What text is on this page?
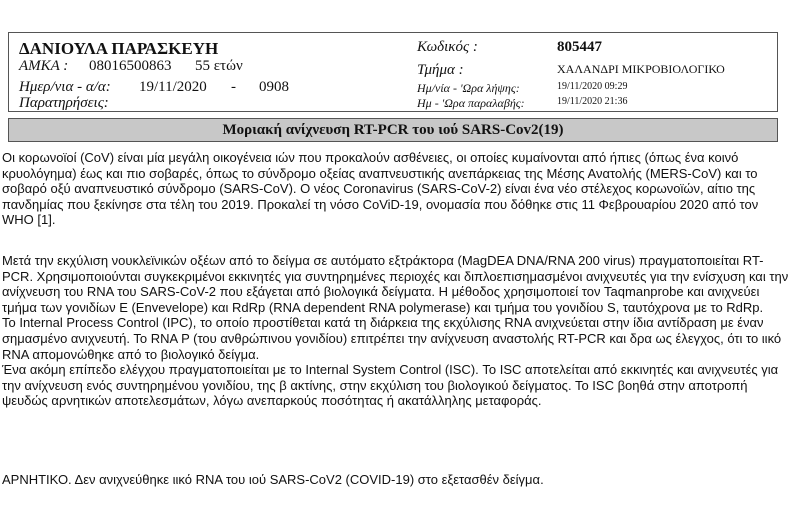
ΔΑΝΙΟΥΛΑ ΠΑΡΑΣΚΕΥΗ
ΑΜΚΑ : 08016500863 55 ετών
Ημερ/νια - α/α: 19/11/2020 - 0908
Παρατηρήσεις:
Κωδικός :	805447
Τμήμα :	ΧΑΛΑΝΔΡΙ ΜΙΚΡΟΒΙΟΛΟΓΙΚΟ
Ημ/νία - 'Ωρα λήψης:	19/11/2020 09:29
Ημ - 'Ωρα παραλαβής:	19/11/2020 21:36
Μοριακή ανίχνευση RT-PCR του ιού SARS-Cov2(19)
Οι κορωνοϊοί (CoV) είναι μία μεγάλη οικογένεια ιών που προκαλούν ασθένειες, οι οποίες κυμαίνονται από ήπιες (όπως ένα κοινό κρυολόγημα) έως και πιο σοβαρές, όπως το σύνδρομο οξείας αναπνευστικής ανεπάρκειας της Μέσης Ανατολής (MERS-CoV) και το σοβαρό οξύ αναπνευστικό σύνδρομο (SARS-CoV). Ο νέος Coronavirus (SARS-CoV-2) είναι ένα νέο στέλεχος κορωνοϊών, αίτιο της πανδημίας που ξεκίνησε στα τέλη του 2019. Προκαλεί τη νόσο CoViD-19, ονομασία που δόθηκε στις 11 Φεβρουαρίου 2020 από τον WHO [1].
Μετά την εκχύλιση νουκλεϊνικών οξέων από το δείγμα σε αυτόματο εξτράκτορα (MagDEA DNA/RNA 200 virus) πραγματοποιείται RT-PCR. Χρησιμοποιούνται συγκεκριμένοι εκκινητές για συντηρημένες περιοχές και διπλοεπισημασμένοι ανιχνευτές για την ενίσχυση και την ανίχνευση του RNA του SARS-CoV-2 που εξάγεται από βιολογικά δείγματα. Η μέθοδος χρησιμοποιεί τον Taqmanprobe και ανιχνεύει τμήμα των γονιδίων E (Envevelope) και RdRp (RNA dependent RNA polymerase) και τμήμα του γονιδίου S, ταυτόχρονα με το RdRp.
To Internal Process Control (IPC), το οποίο προστίθεται κατά τη διάρκεια της εκχύλισης RNA ανιχνεύεται στην ίδια αντίδραση με έναν σημασμένο ανιχνευτή. Το RNA P (του ανθρώπινου γονιδίου) επιτρέπει την ανίχνευση αναστολής RT-PCR και δρα ως έλεγχος, ότι το ιικό RNA απομονώθηκε από το βιολογικό δείγμα.
Ένα ακόμη επίπεδο ελέγχου πραγματοποιείται με το Internal System Control (ISC). Το ISC αποτελείται από εκκινητές και ανιχνευτές για την ανίχνευση ενός συντηρημένου γονιδίου, της β ακτίνης, στην εκχύλιση του βιολογικού δείγματος. Το ISC βοηθά στην αποτροπή ψευδώς αρνητικών αποτελεσμάτων, λόγω ανεπαρκούς ποσότητας ή ακατάλληλης μεταφοράς.
ΑΡΝΗΤΙΚΟ. Δεν ανιχνεύθηκε ιικό RNA του ιού SARS-CoV2 (COVID-19) στο εξετασθέν δείγμα.
